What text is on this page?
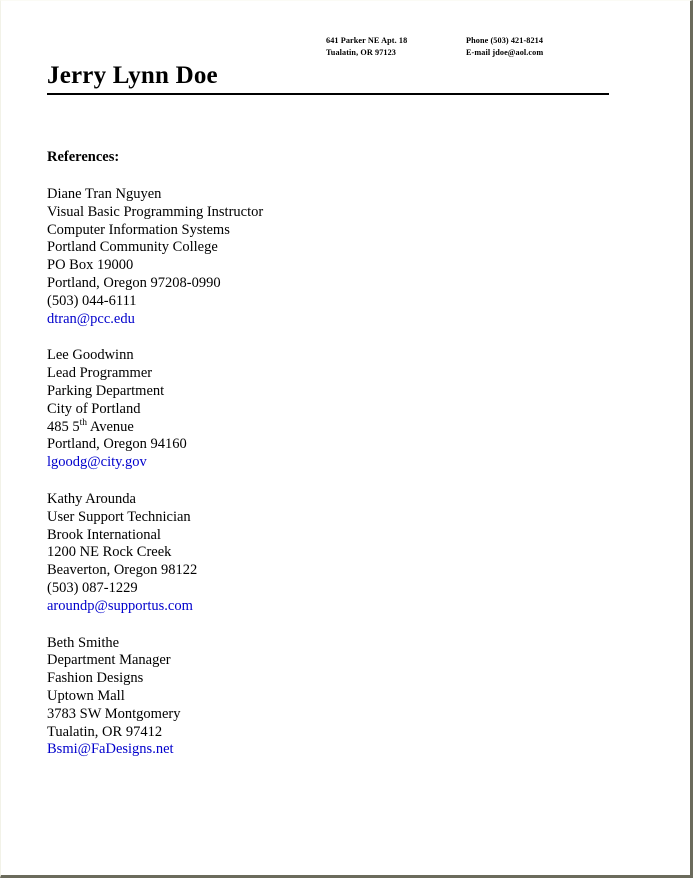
641 Parker NE Apt. 18
Tualatin, OR 97123
Phone (503) 421-8214
E-mail jdoe@aol.com
Jerry Lynn Doe
References:
Diane Tran Nguyen
Visual Basic Programming Instructor
Computer Information Systems
Portland Community College
PO Box 19000
Portland, Oregon 97208-0990
(503) 044-6111
dtran@pcc.edu
Lee Goodwinn
Lead Programmer
Parking Department
City of Portland
485 5th Avenue
Portland, Oregon 94160
lgoodg@city.gov
Kathy Arounda
User Support Technician
Brook International
1200 NE Rock Creek
Beaverton, Oregon 98122
(503) 087-1229
aroundp@supportus.com
Beth Smithe
Department Manager
Fashion Designs
Uptown Mall
3783 SW Montgomery
Tualatin, OR 97412
Bsmi@FaDesigns.net
